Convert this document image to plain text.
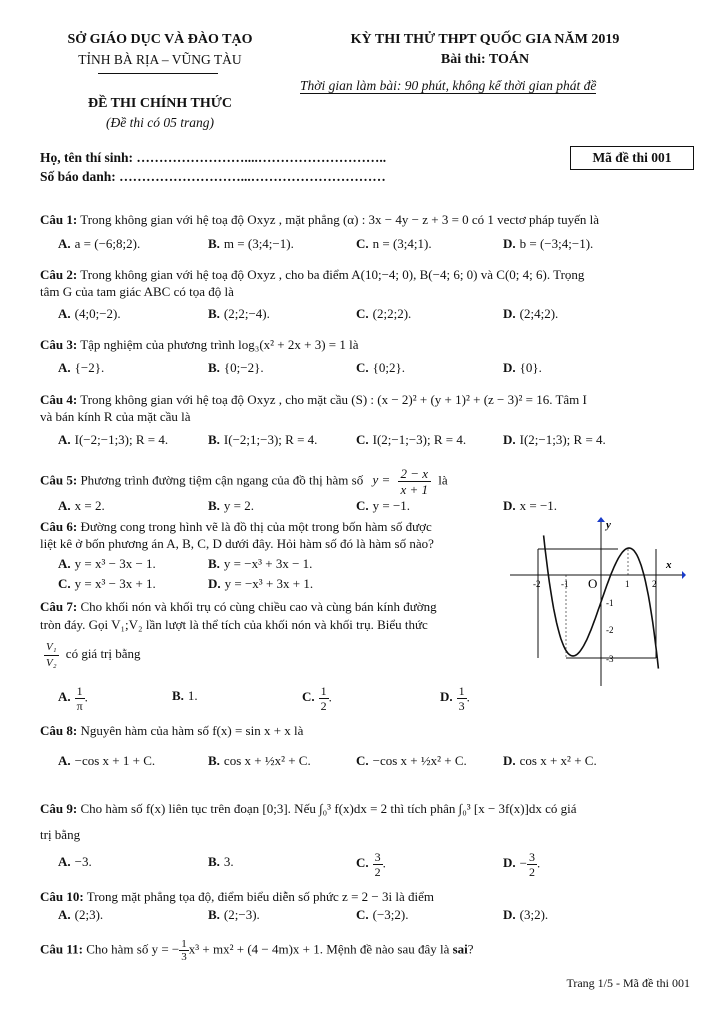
SỞ GIÁO DỤC VÀ ĐÀO TẠO
TỈNH BÀ RỊA – VŨNG TÀU
KỲ THI THỬ THPT QUỐC GIA NĂM 2019
Bài thi: TOÁN
Thời gian làm bài: 90 phút, không kể thời gian phát đề
ĐỀ THI CHÍNH THỨC
(Đề thi có 05 trang)
Họ, tên thí sinh: ……………………....………………………..
Số báo danh: ………………………...…………………………
Mã đề thi 001
Câu 1: Trong không gian với hệ toạ độ Oxyz , mặt phẳng (α) : 3x − 4y − z + 3 = 0 có 1 vectơ pháp tuyến là
A. a = (−6;8;2).	B. m = (3;4;−1).	C. n = (3;4;1).	D. b = (−3;4;−1).
Câu 2: Trong không gian với hệ toạ độ Oxyz , cho ba điểm A(10;−4; 0), B(−4; 6; 0) và C(0; 4; 6). Trọng
tâm G của tam giác ABC có tọa độ là
A. (4;0;−2).	B. (2;2;−4).	C. (2;2;2).	D. (2;4;2).
Câu 3: Tập nghiệm của phương trình log₃(x² + 2x + 3) = 1 là
A. {−2}.	B. {0;−2}.	C. {0;2}.	D. {0}.
Câu 4: Trong không gian với hệ toạ độ Oxyz , cho mặt cầu (S) : (x − 2)² + (y + 1)² + (z − 3)² = 16. Tâm I
và bán kính R của mặt cầu là
A. I(−2;−1;3); R = 4.	B. I(−2;1;−3); R = 4.	C. I(2;−1;−3); R = 4.	D. I(2;−1;3); R = 4.
Câu 5: Phương trình đường tiệm cận ngang của đồ thị hàm số $y = \frac{2 - x}{x + 1}$ là
A. x = 2.	B. y = 2.	C. y = −1.	D. x = −1.
Câu 6: Đường cong trong hình vẽ là đồ thị của một trong bốn hàm số được
liệt kê ở bốn phương án A, B, C, D dưới đây. Hỏi hàm số đó là hàm số nào?
A. y = x³ − 3x − 1.	B. y = −x³ + 3x − 1.
C. y = x³ − 3x + 1.	D. y = −x³ + 3x + 1.
x
y
-2 -1 O	1	2
-1
-2
-3
Câu 7: Cho khối nón và khối trụ có cùng chiều cao và cùng bán kính đường
tròn đáy. Gọi V₁;V₂ lần lượt là thể tích của khối nón và khối trụ. Biểu thức
$\frac{\text{V₁}}{\text{V₂}}$ có giá trị bằng
A. $\frac{1}{\pi}$ .	B. 1.	C. $\frac{1}{2}$ .	D. $\frac{1}{3}$ .
Câu 8: Nguyên hàm của hàm số f(x) = sin x + x là
A. −cos x + 1 + C.	B. cos x + ½x² + C.	C. −cos x + ½x² + C.	D. cos x + x² + C.
Câu 9: Cho hàm số f(x) liên tục trên đoạn [0;3]. Nếu ∫₀³ f(x)dx = 2 thì tích phân ∫₀³ [x − 3f(x)]dx có giá
trị bằng
A. −3.	B. 3.	C. $\frac{3}{2}$ .	D. − $\frac{3}{2}$ .
Câu 10: Trong mặt phẳng tọa độ, điểm biểu diễn số phức z = 2 − 3i là điểm
A. (2;3).	B. (2;−3).	C. (−3;2).	D. (3;2).
Câu 11: Cho hàm số y = − $\frac{1}{3} x^3 + mx^2 + (4 - 4m)x + 1$. Mệnh đề nào sau đây là sai?
Trang 1/5 - Mã đề thi 001
